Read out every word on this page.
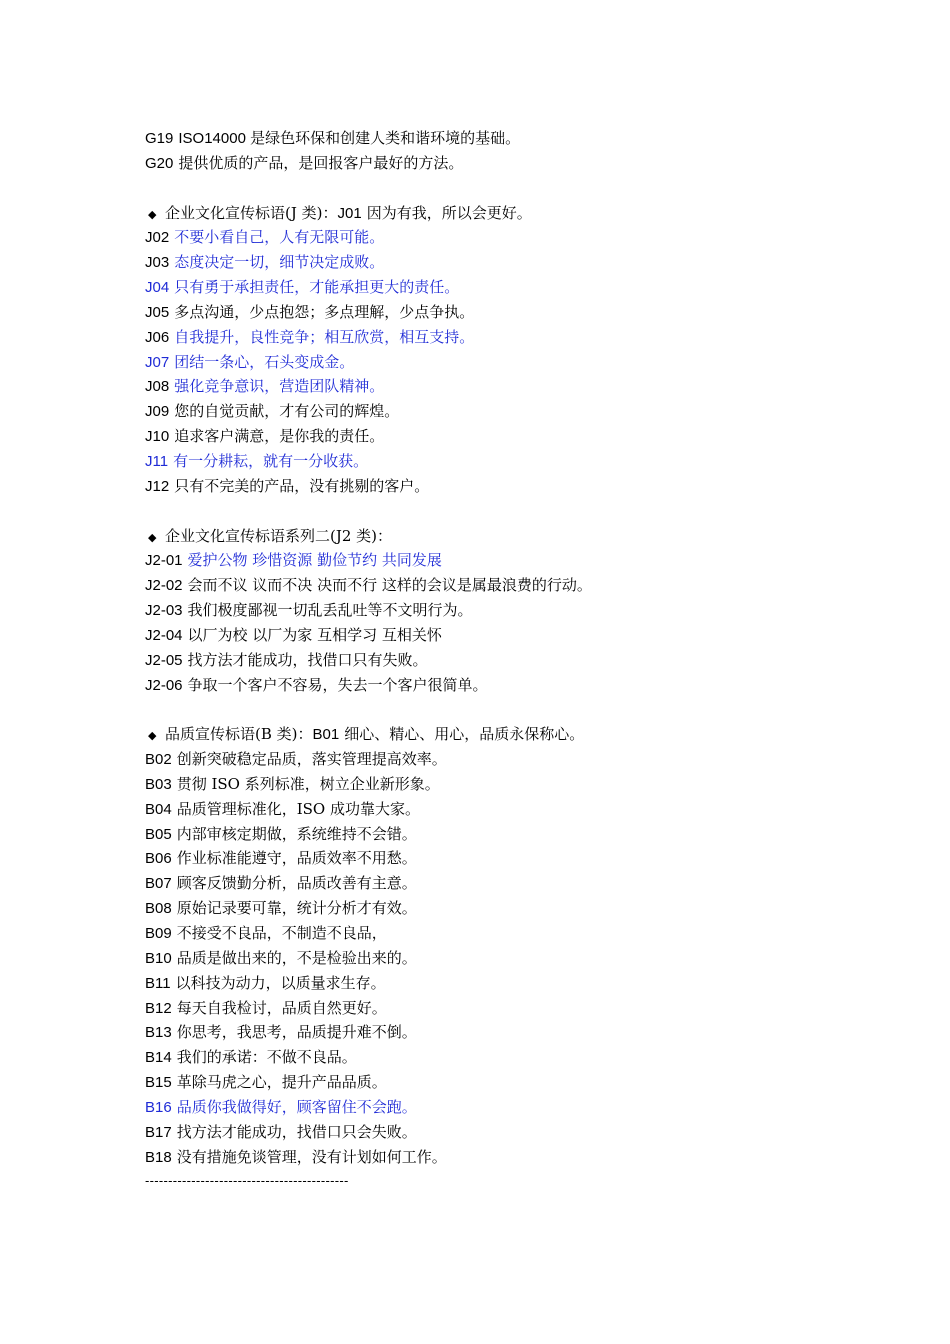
G19 ISO14000 是绿色环保和创建人类和谐环境的基础。
G20 提供优质的产品，是回报客户最好的方法。
◆ 企业文化宣传标语(J 类)：J01 因为有我，所以会更好。
J02 不要小看自己，人有无限可能。
J03 态度决定一切，细节决定成败。
J04 只有勇于承担责任，才能承担更大的责任。
J05 多点沟通，少点抱怨；多点理解，少点争执。
J06 自我提升，良性竞争；相互欣赏，相互支持。
J07 团结一条心，石头变成金。
J08 强化竞争意识，营造团队精神。
J09 您的自觉贡献，才有公司的辉煌。
J10 追求客户满意，是你我的责任。
J11 有一分耕耘，就有一分收获。
J12 只有不完美的产品，没有挑剔的客户。
◆ 企业文化宣传标语系列二(J2 类)：
J2-01 爱护公物 珍惜资源 勤俭节约 共同发展
J2-02 会而不议 议而不决 决而不行 这样的会议是属最浪费的行动。
J2-03 我们极度鄙视一切乱丢乱吐等不文明行为。
J2-04 以厂为校 以厂为家 互相学习 互相关怀
J2-05 找方法才能成功，找借口只有失败。
J2-06 争取一个客户不容易，失去一个客户很简单。
◆ 品质宣传标语(B 类)：B01 细心、精心、用心，品质永保称心。
B02 创新突破稳定品质，落实管理提高效率。
B03 贯彻 ISO 系列标准，树立企业新形象。
B04 品质管理标准化，ISO 成功靠大家。
B05 内部审核定期做，系统维持不会错。
B06 作业标准能遵守，品质效率不用愁。
B07 顾客反馈勤分析，品质改善有主意。
B08 原始记录要可靠，统计分析才有效。
B09 不接受不良品，不制造不良品，
B10 品质是做出来的，不是检验出来的。
B11 以科技为动力，以质量求生存。
B12 每天自我检讨，品质自然更好。
B13 你思考，我思考，品质提升难不倒。
B14 我们的承诺：不做不良品。
B15 革除马虎之心，提升产品品质。
B16 品质你我做得好，顾客留住不会跑。
B17 找方法才能成功，找借口只会失败。
B18 没有措施免谈管理，没有计划如何工作。
--------------------------------------------
